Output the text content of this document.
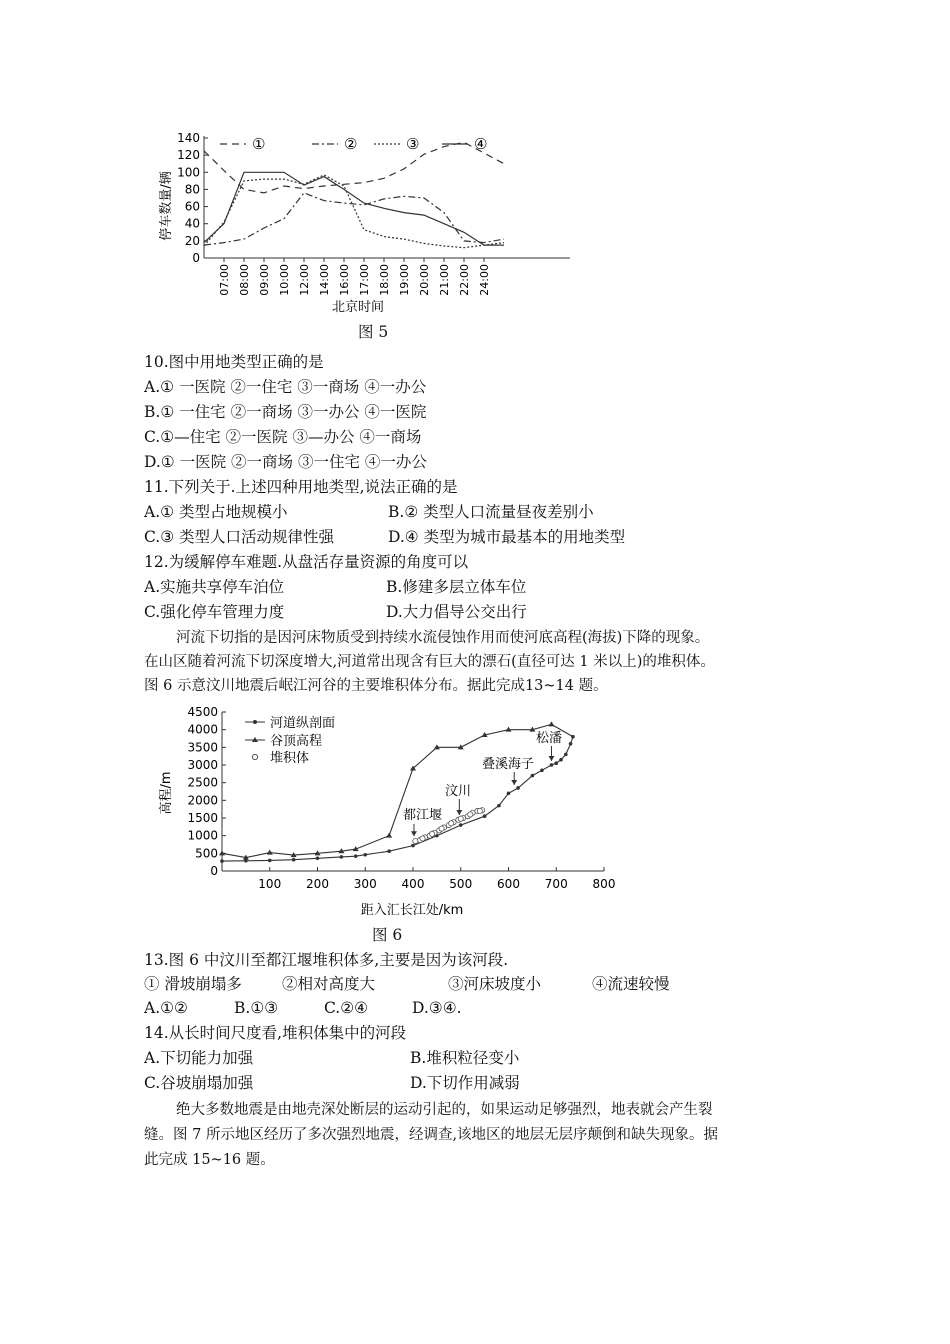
0
20
40
60
80
100
120
140
07:00 08:00 09:00 10:00 12:00 14:00 16:00 17:00 18:00 19:00 20:00 21:00 22:00 24:00
①	②	③	④
停车数量/辆
北京时间
图 5
10.图中用地类型正确的是
A.① 一医院 ②一住宅 ③一商场 ④一办公
B.① 一住宅 ②一商场 ③一办公 ④一医院
C.①—住宅 ②一医院 ③—办公 ④一商场
D.① 一医院 ②一商场 ③一住宅 ④一办公
11.下列关于.上述四种用地类型,说法正确的是
A.① 类型占地规模小	B.② 类型人口流量昼夜差别小
C.③ 类型人口活动规律性强	D.④ 类型为城市最基本的用地类型
12.为缓解停车难题.从盘活存量资源的角度可以
A.实施共享停车泊位	B.修建多层立体车位
C.强化停车管理力度	D.大力倡导公交出行
河流下切指的是因河床物质受到持续水流侵蚀作用而使河底高程(海拔)下降的现象。
在山区随着河流下切深度增大,河道常出现含有巨大的漂石(直径可达 1 米以上)的堆积体。
图 6 示意汶川地震后岷江河谷的主要堆积体分布。据此完成13~14 题。
0
500
1000
1500
2000
2500
3000
3500
4000
4500
100 200 300 400 500 600 700 800
河道纵剖面
谷顶高程
堆积体
都江堰
汶川
叠溪海子
松潘
高程/m
距入汇长江处/km
图 6
13.图 6 中汶川至都江堰堆积体多,主要是因为该河段.
① 滑坡崩塌多	②相对高度大	③河床坡度小	④流速较慢
A.①②	B.①③	C.②④	D.③④.
14.从长时间尺度看,堆积体集中的河段
A.下切能力加强	B.堆积粒径变小
C.谷坡崩塌加强	D.下切作用减弱
绝大多数地震是由地壳深处断层的运动引起的，如果运动足够强烈，地表就会产生裂
缝。图 7 所示地区经历了多次强烈地震，经调查,该地区的地层无层序颠倒和缺失现象。据
此完成 15~16 题。
